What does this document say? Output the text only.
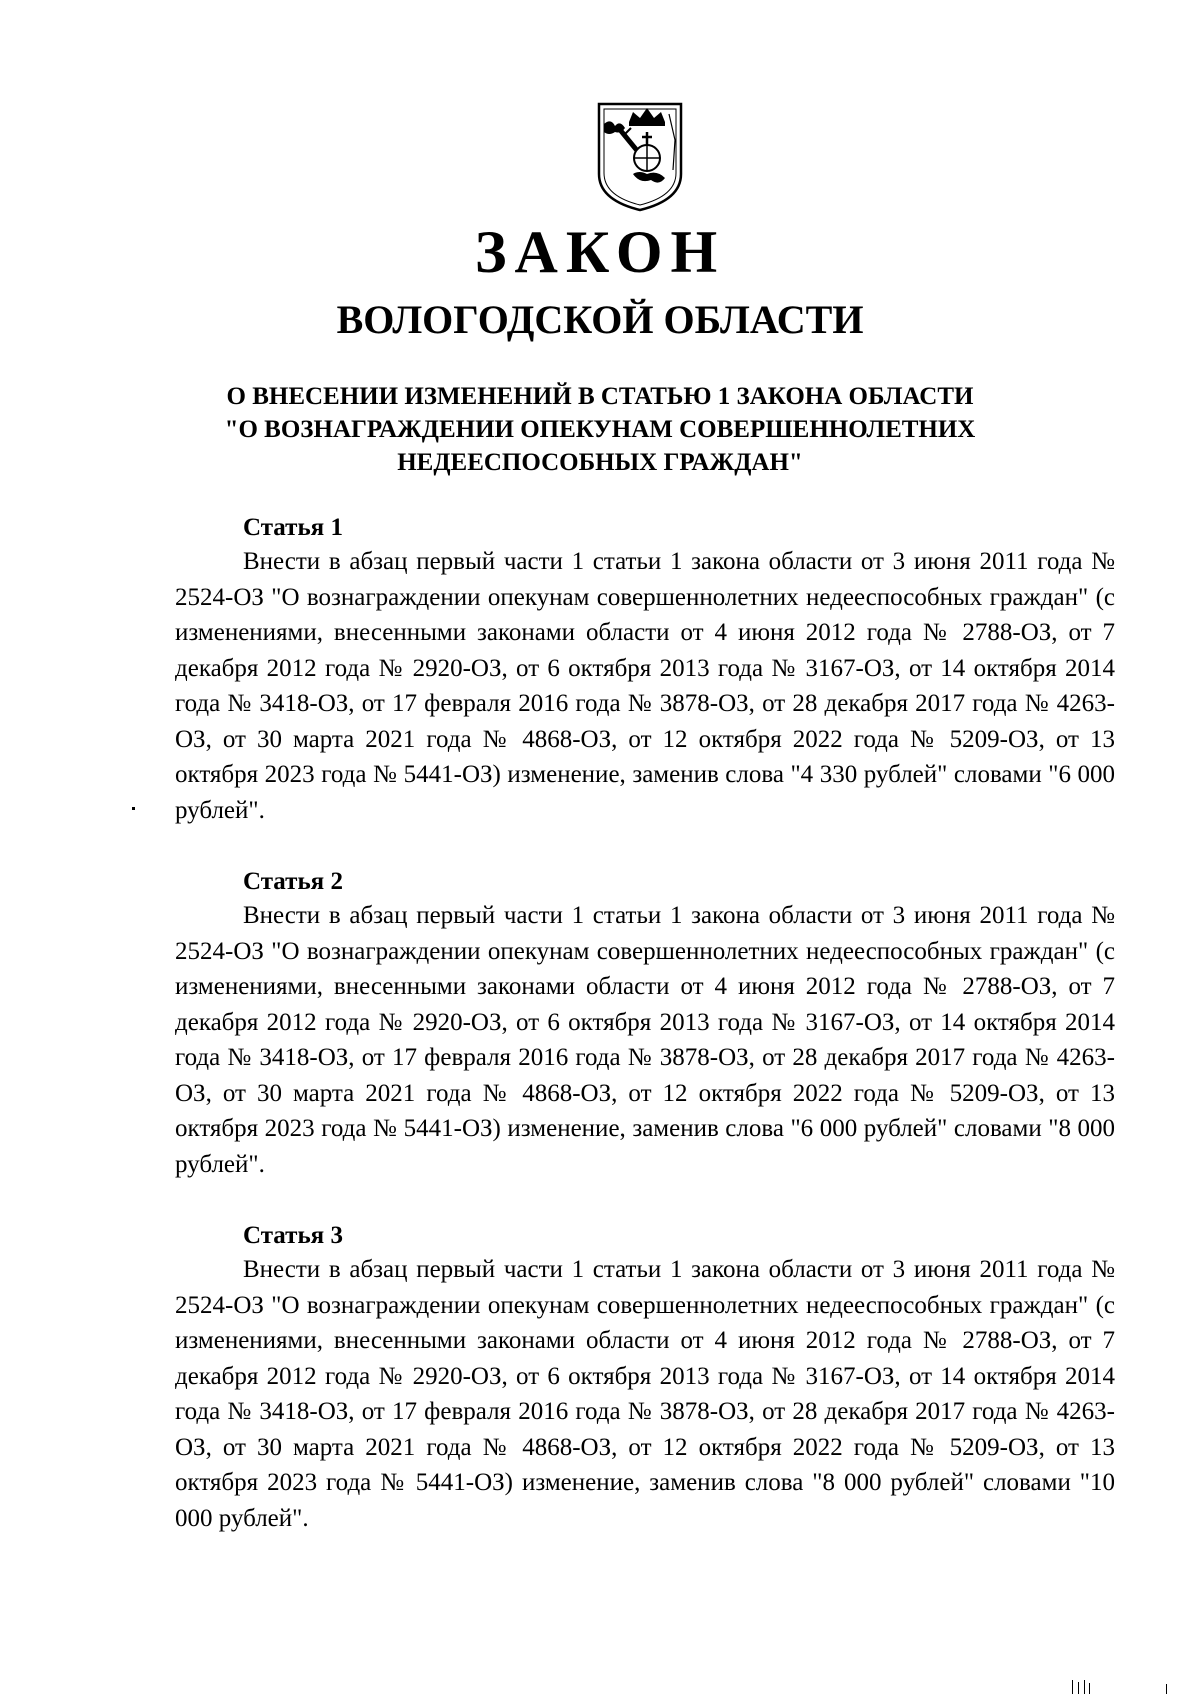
ЗАКОН
ВОЛОГОДСКОЙ ОБЛАСТИ
О ВНЕСЕНИИ ИЗМЕНЕНИЙ В СТАТЬЮ 1 ЗАКОНА ОБЛАСТИ
"О ВОЗНАГРАЖДЕНИИ ОПЕКУНАМ СОВЕРШЕННОЛЕТНИХ
НЕДЕЕСПОСОБНЫХ ГРАЖДАН"
Статья 1

Внести в абзац первый части 1 статьи 1 закона области от 3 июня 2011 года № 2524-ОЗ "О вознаграждении опекунам совершеннолетних недееспособных граждан" (с изменениями, внесенными законами области от 4 июня 2012 года № 2788-ОЗ, от 7 декабря 2012 года № 2920-ОЗ, от 6 октября 2013 года № 3167-ОЗ, от 14 октября 2014 года № 3418-ОЗ, от 17 февраля 2016 года № 3878-ОЗ, от 28 декабря 2017 года № 4263-ОЗ, от 30 марта 2021 года № 4868-ОЗ, от 12 октября 2022 года № 5209-ОЗ, от 13 октября 2023 года № 5441-ОЗ) изменение, заменив слова "4 330 рублей" словами "6 000 рублей".

Статья 2

Внести в абзац первый части 1 статьи 1 закона области от 3 июня 2011 года № 2524-ОЗ "О вознаграждении опекунам совершеннолетних недееспособных граждан" (с изменениями, внесенными законами области от 4 июня 2012 года № 2788-ОЗ, от 7 декабря 2012 года № 2920-ОЗ, от 6 октября 2013 года № 3167-ОЗ, от 14 октября 2014 года № 3418-ОЗ, от 17 февраля 2016 года № 3878-ОЗ, от 28 декабря 2017 года № 4263-ОЗ, от 30 марта 2021 года № 4868-ОЗ, от 12 октября 2022 года № 5209-ОЗ, от 13 октября 2023 года № 5441-ОЗ) изменение, заменив слова "6 000 рублей" словами "8 000 рублей".

Статья 3

Внести в абзац первый части 1 статьи 1 закона области от 3 июня 2011 года № 2524-ОЗ "О вознаграждении опекунам совершеннолетних недееспособных граждан" (с изменениями, внесенными законами области от 4 июня 2012 года № 2788-ОЗ, от 7 декабря 2012 года № 2920-ОЗ, от 6 октября 2013 года № 3167-ОЗ, от 14 октября 2014 года № 3418-ОЗ, от 17 февраля 2016 года № 3878-ОЗ, от 28 декабря 2017 года № 4263-ОЗ, от 30 марта 2021 года № 4868-ОЗ, от 12 октября 2022 года № 5209-ОЗ, от 13 октября 2023 года № 5441-ОЗ) изменение, заменив слова "8 000 рублей" словами "10 000 рублей".
